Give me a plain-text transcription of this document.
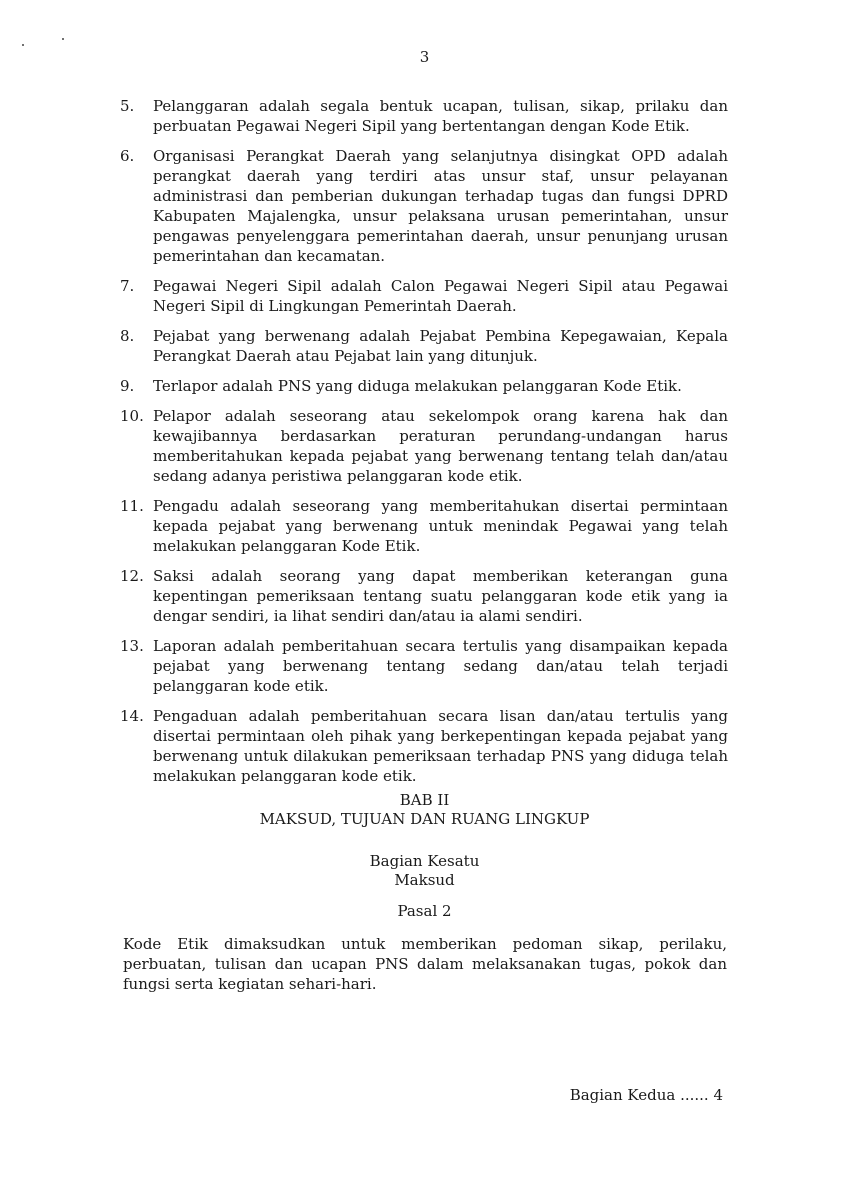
3
5.	Pelanggaran adalah segala bentuk ucapan, tulisan, sikap, prilaku dan perbuatan Pegawai Negeri Sipil yang bertentangan dengan Kode Etik.
6.	Organisasi Perangkat Daerah yang selanjutnya disingkat OPD adalah perangkat daerah yang terdiri atas unsur staf, unsur pelayanan administrasi dan pemberian dukungan terhadap tugas dan fungsi DPRD Kabupaten Majalengka, unsur pelaksana urusan pemerintahan, unsur pengawas penyelenggara pemerintahan daerah, unsur penunjang urusan pemerintahan dan kecamatan.
7.	Pegawai Negeri Sipil adalah Calon Pegawai Negeri Sipil atau Pegawai Negeri Sipil di Lingkungan Pemerintah Daerah.
8.	Pejabat yang berwenang adalah Pejabat Pembina Kepegawaian, Kepala Perangkat Daerah atau Pejabat lain yang ditunjuk.
9.	Terlapor adalah PNS yang diduga melakukan pelanggaran Kode Etik.
10. Pelapor adalah seseorang atau sekelompok orang karena hak dan kewajibannya berdasarkan peraturan perundang-undangan harus memberitahukan kepada pejabat yang berwenang tentang telah dan/atau sedang adanya peristiwa pelanggaran kode etik.
11. Pengadu adalah seseorang yang memberitahukan disertai permintaan kepada pejabat yang berwenang untuk menindak Pegawai yang telah melakukan pelanggaran Kode Etik.
12. Saksi adalah seorang yang dapat memberikan keterangan guna kepentingan pemeriksaan tentang suatu pelanggaran kode etik yang ia dengar sendiri, ia lihat sendiri dan/atau ia alami sendiri.
13. Laporan adalah pemberitahuan secara tertulis yang disampaikan kepada pejabat yang berwenang tentang sedang dan/atau telah terjadi pelanggaran kode etik.
14. Pengaduan adalah pemberitahuan secara lisan dan/atau tertulis yang disertai permintaan oleh pihak yang berkepentingan kepada pejabat yang berwenang untuk dilakukan pemeriksaan terhadap PNS yang diduga telah melakukan pelanggaran kode etik.
BAB II
MAKSUD, TUJUAN DAN RUANG LINGKUP
Bagian Kesatu
Maksud
Pasal 2

Kode Etik dimaksudkan untuk memberikan pedoman sikap, perilaku, perbuatan, tulisan dan ucapan PNS dalam melaksanakan tugas, pokok dan fungsi serta kegiatan sehari-hari.

Bagian Kedua ...... 4
